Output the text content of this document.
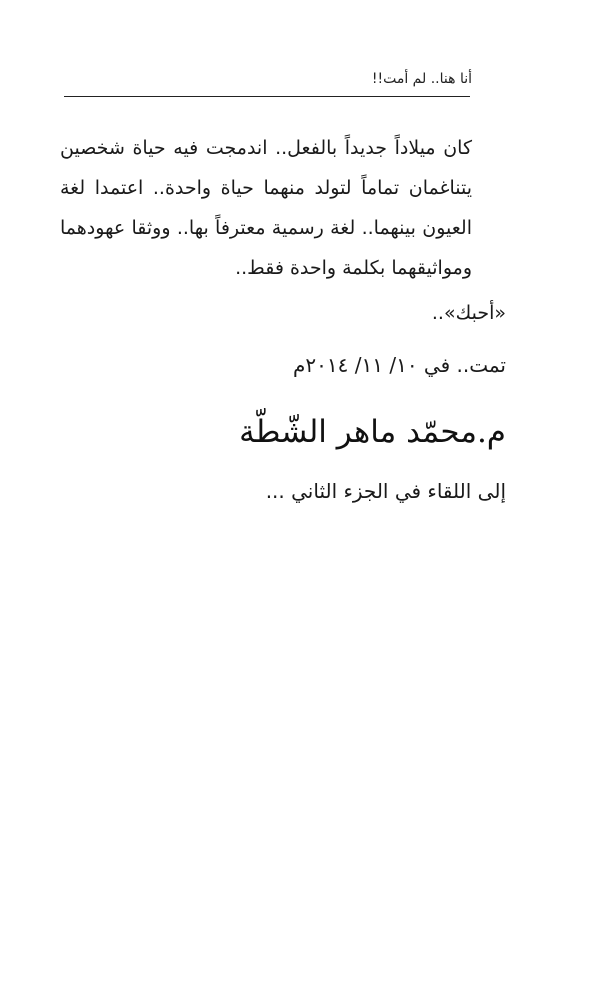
أنا هنا.. لم أمت!!

كان ميلاداً جديداً بالفعل.. اندمجت فيه حياة شخصين يتناغمان تماماً لتولد منهما حياة واحدة.. اعتمدا لغة العيون بينهما.. لغة رسمية معترفاً بها.. ووثقا عهودهما ومواثيقهما بكلمة واحدة فقط..

«أحبك»..
تمت.. في ١٠/ ١١/ ٢٠١٤م
م.محمّد ماهر الشّطّة
إلى اللقاء في الجزء الثاني ...
